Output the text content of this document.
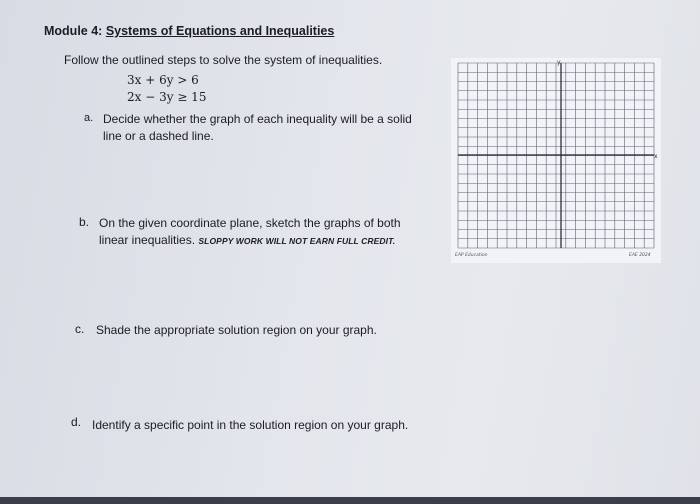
Module 4: Systems of Equations and Inequalities
Follow the outlined steps to solve the system of inequalities.
3x + 6y > 6
2x − 3y ≥ 15
a. Decide whether the graph of each inequality will be a solid line or a dashed line.
b. On the given coordinate plane, sketch the graphs of both linear inequalities. SLOPPY WORK WILL NOT EARN FULL CREDIT.
c. Shade the appropriate solution region on your graph.
d. Identify a specific point in the solution region on your graph.
y
x
EAP Education	EAE 2024
